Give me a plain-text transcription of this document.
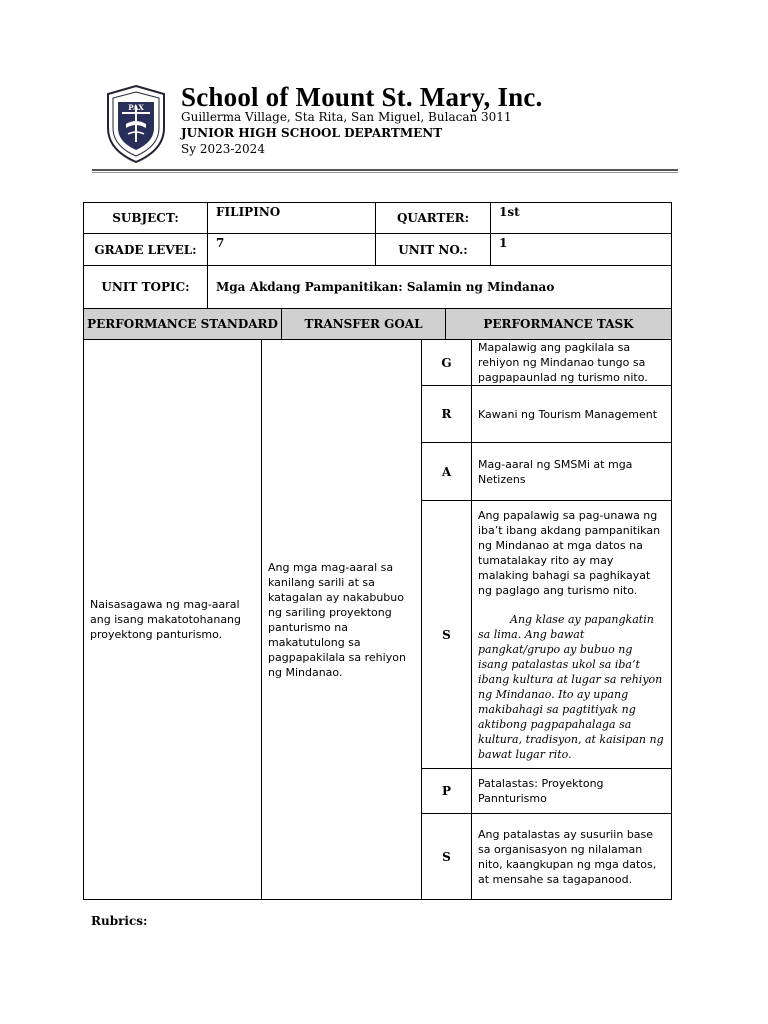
PAX School of Mount St. Mary, Inc.
Guillerma Village, Sta Rita, San Miguel, Bulacan 3011
JUNIOR HIGH SCHOOL DEPARTMENT
Sy 2023-2024
SUBJECT:	FILIPINO	QUARTER:	1st
GRADE LEVEL:	7	UNIT NO.:	1
UNIT TOPIC:	Mga Akdang Pampanitikan: Salamin ng Mindanao		
PERFORMANCE STANDARD		TRANSFER GOAL		PERFORMANCE TASK	
Naisasagawa ng mag-aaral ang isang makatotohanang proyektong panturismo.	Ang mga mag-aaral sa kanilang sarili at sa katagalan ay nakabubuo ng sariling proyektong panturismo na makatutulong sa pagpapakilala sa rehiyon ng Mindanao.		G		Mapalawig ang pagkilala sa rehiyon ng Mindanao tungo sa pagpapaunlad ng turismo nito.
			R		Kawani ng Tourism Management
			A		Mag-aaral ng SMSMi at mga Netizens
			S		Ang papalawig sa pag-unawa ng iba’t ibang akdang pampanitikan ng Mindanao at mga datos na tumatalakay rito ay may malaking bahagi sa paghikayat ng paglago ang turismo nito.

Ang klase ay papangkatin sa lima. Ang bawat pangkat/grupo ay bubuo ng isang patalastas ukol sa iba’t ibang kultura at lugar sa rehiyon ng Mindanao. Ito ay upang makibahagi sa pagtitiyak ng aktibong pagpapahalaga sa kultura, tradisyon, at kaisipan ng bawat lugar rito.

			P		Patalastas: Proyektong Pannturismo
			S		Ang patalastas ay susuriin base sa organisasyon ng nilalaman nito, kaangkupan ng mga datos, at mensahe sa tagapanood.
Rubrics:
